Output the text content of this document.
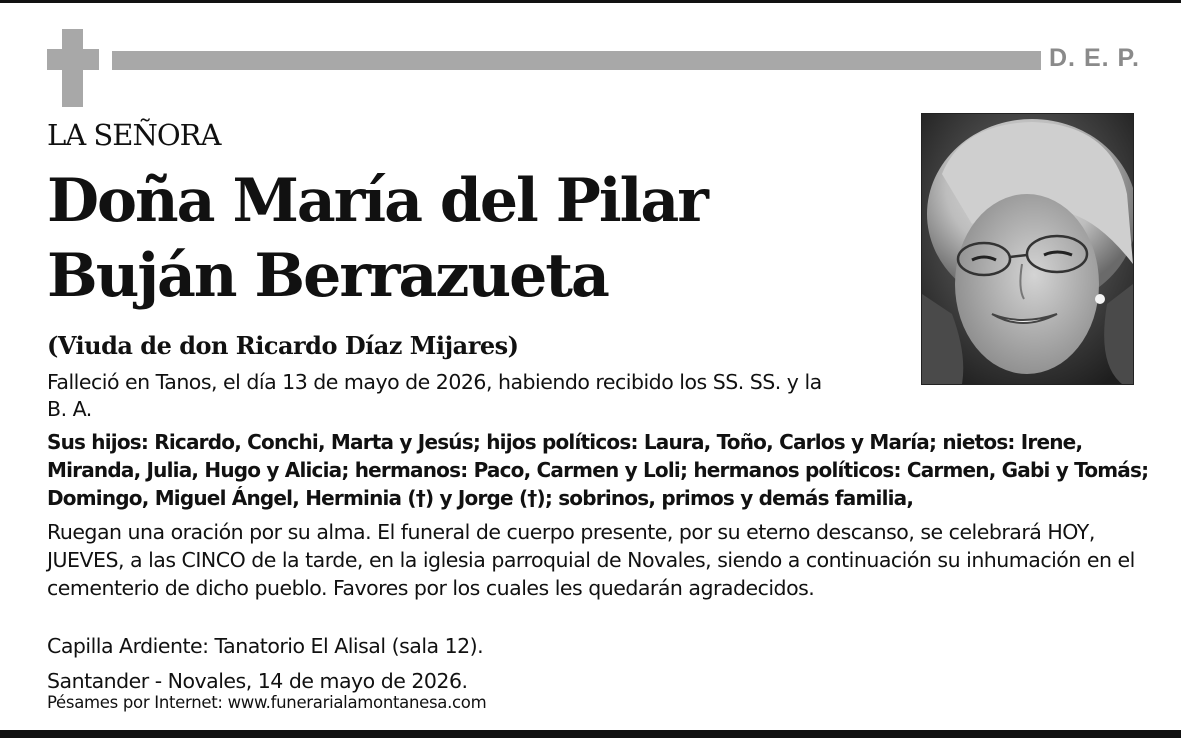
D. E. P.
LA SEÑORA
Doña María del Pilar
Buján Berrazueta
(Viuda de don Ricardo Díaz Mijares)
Falleció en Tanos, el día 13 de mayo de 2026, habiendo recibido los SS. SS. y la B. A.
Sus hijos: Ricardo, Conchi, Marta y Jesús; hijos políticos: Laura, Toño, Carlos y María; nietos: Irene, Miranda, Julia, Hugo y Alicia; hermanos: Paco, Carmen y Loli; hermanos políticos: Carmen, Gabi y Tomás; Domingo, Miguel Ángel, Herminia (†) y Jorge (†); sobrinos, primos y demás familia,
Ruegan una oración por su alma. El funeral de cuerpo presente, por su eterno descanso, se celebrará HOY, JUEVES, a las CINCO de la tarde, en la iglesia parroquial de Novales, siendo a continuación su inhumación en el cementerio de dicho pueblo. Favores por los cuales les quedarán agradecidos.
Capilla Ardiente: Tanatorio El Alisal (sala 12).
Santander - Novales, 14 de mayo de 2026.
Pésames por Internet: www.funerarialamontanesa.com
